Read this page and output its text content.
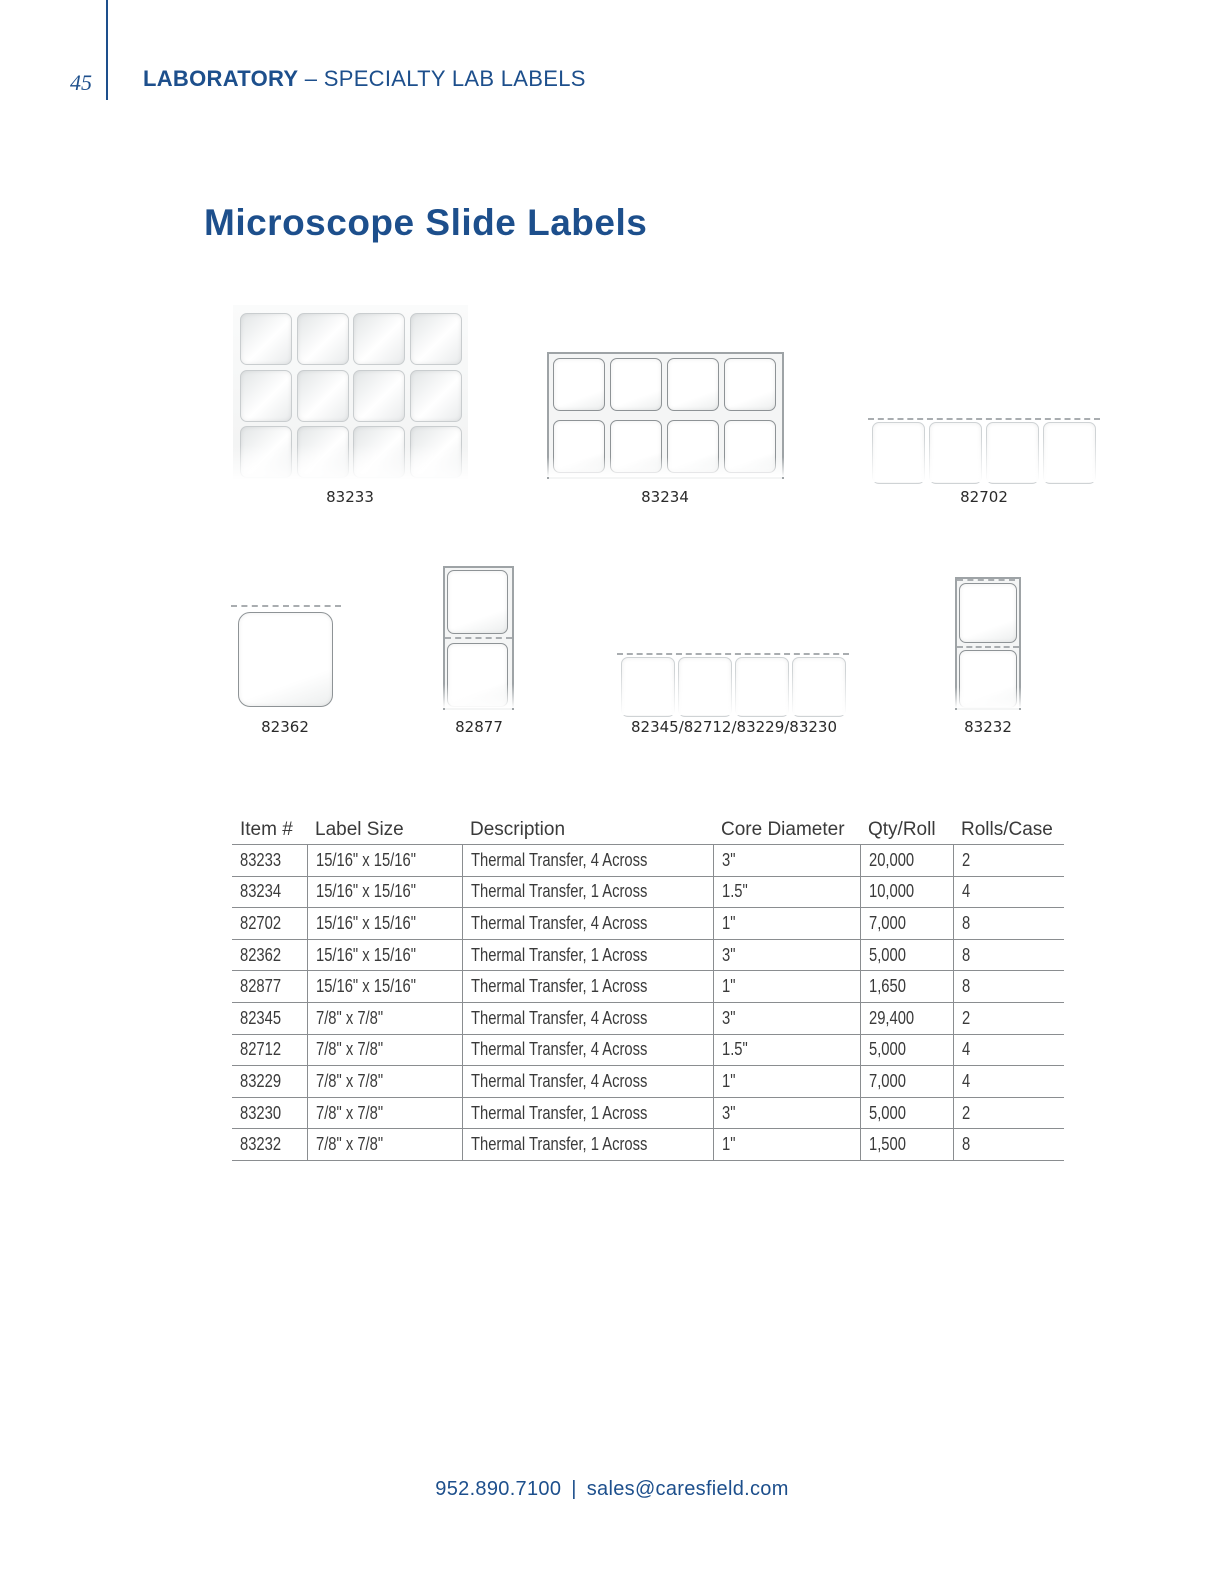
45 LABORATORY – SPECIALTY LAB LABELS
Microscope Slide Labels
83233	83234	82702
82362	82877	82345/82712/83229/83230	83232
Item #	Label Size	Description	Core Diameter	Qty/Roll	Rolls/Case
83233	15/16" x 15/16"	Thermal Transfer, 4 Across	3"	20,000	2
83234	15/16" x 15/16"	Thermal Transfer, 1 Across	1.5"	10,000	4
82702	15/16" x 15/16"	Thermal Transfer, 4 Across	1"	7,000	8
82362	15/16" x 15/16"	Thermal Transfer, 1 Across	3"	5,000	8
82877	15/16" x 15/16"	Thermal Transfer, 1 Across	1"	1,650	8
82345	7/8" x 7/8"	Thermal Transfer, 4 Across	3"	29,400	2
82712	7/8" x 7/8"	Thermal Transfer, 4 Across	1.5"	5,000	4
83229	7/8" x 7/8"	Thermal Transfer, 4 Across	1"	7,000	4
83230	7/8" x 7/8"	Thermal Transfer, 1 Across	3"	5,000	2
83232	7/8" x 7/8"	Thermal Transfer, 1 Across	1"	1,500	8
952.890.7100 | sales@caresfield.com
